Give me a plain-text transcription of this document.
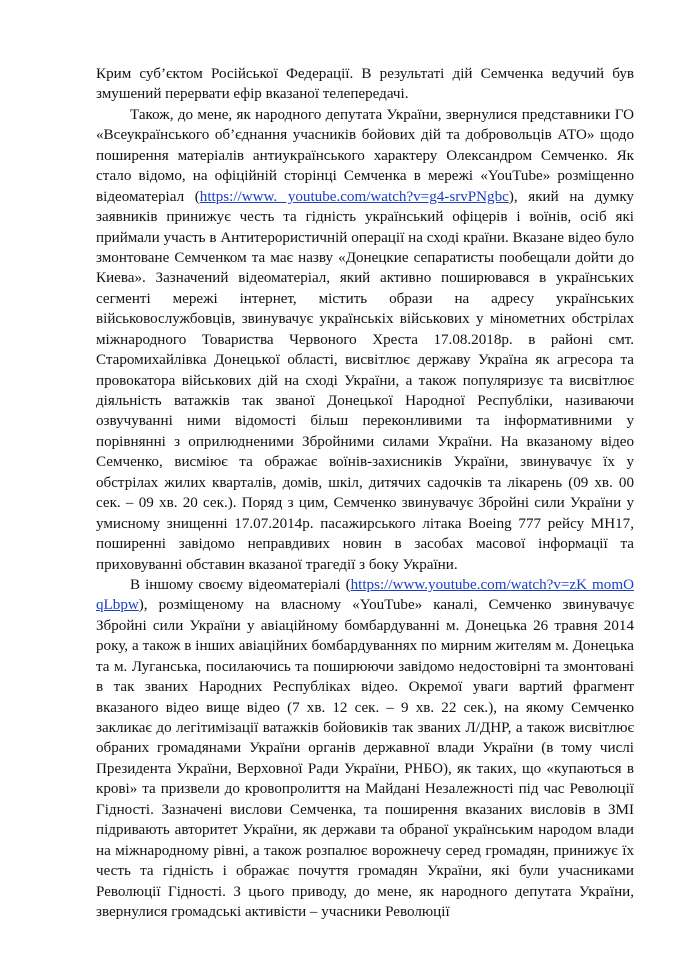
Крим суб’єктом Російської Федерації. В результаті дій Семченка ведучий був змушений перервати ефір вказаної телепередачі.

Також, до мене, як народного депутата України, звернулися представники ГО «Всеукраїнського об’єднання учасників бойових дій та добровольців АТО» щодо поширення матеріалів антиукраїнського характеру Олександром Семченко. Як стало відомо, на офіційній сторінці Семченка в мережі «YouTube» розміщенно відеоматеріал (https://www. youtube.com/watch?v=g4-srvPNgbc), який на думку заявників принижує честь та гідність український офіцерів і воїнів, осіб які приймали участь в Антитерористичній операції на сході країни. Вказане відео було змонтоване Семченком та має назву «Донецкие сепаратисты пообещали дойти до Киева». Зазначений відеоматеріал, який активно поширювався в українських сегменті мережі інтернет, містить образи на адресу українських військовослужбовців, звинувачує українськіх військових у мінометних обстрілах міжнародного Товариства Червоного Хреста 17.08.2018р. в районі смт. Старомихайлівка Донецької області, висвітлює державу Україна як агресора та провокатора військових дій на сході України, а також популяризує та висвітлює діяльність ватажків так званої Донецької Народної Республіки, називаючи озвучуванні ними відомості більш переконливими та інформативними у порівнянні з оприлюдненими Збройними силами України. На вказаному відео Семченко, висміює та ображає воїнів-захисників України, звинувачує їх у обстрілах жилих кварталів, домів, шкіл, дитячих садочків та лікарень (09 хв. 00 сек. – 09 хв. 20 сек.). Поряд з цим, Семченко звинувачує Збройні сили України у умисному знищенні 17.07.2014р. пасажирського літака Boeing 777 рейсу МН17, поширенні завідомо неправдивих новин в засобах масової інформації та приховуванні обставин вказаної трагедії з боку України.

В іншому своєму відеоматеріалі (https://www.youtube.com/watch?v=zK momOqLbpw), розміщеному на власному «YouTube» каналі, Семченко звинувачує Збройні сили України у авіаційному бомбардуванні м. Донецька 26 травня 2014 року, а також в інших авіаційних бомбардуваннях по мирним жителям м. Донецька та м. Луганська, посилаючись та поширюючи завідомо недостовірні та змонтовані в так званих Народних Республіках відео. Окремої уваги вартий фрагмент вказаного відео вище відео (7 хв. 12 сек. – 9 хв. 22 сек.), на якому Семченко закликає до легітимізації ватажків бойовиків так званих Л/ДНР, а також висвітлює обраних громадянами України органів державної влади України (в тому числі Президента України, Верховної Ради України, РНБО), як таких, що «купаються в крові» та призвели до кровопролиття на Майдані Незалежності під час Революції Гідності. Зазначені вислови Семченка, та поширення вказаних висловів в ЗМІ підривають авторитет України, як держави та обраної українським народом влади на міжнародному рівні, а також розпалює ворожнечу серед громадян, принижує їх честь та гідність і ображає почуття громадян України, які були учасниками Революції Гідності. З цього приводу, до мене, як народного депутата України, звернулися громадські активісти – учасники Революції
